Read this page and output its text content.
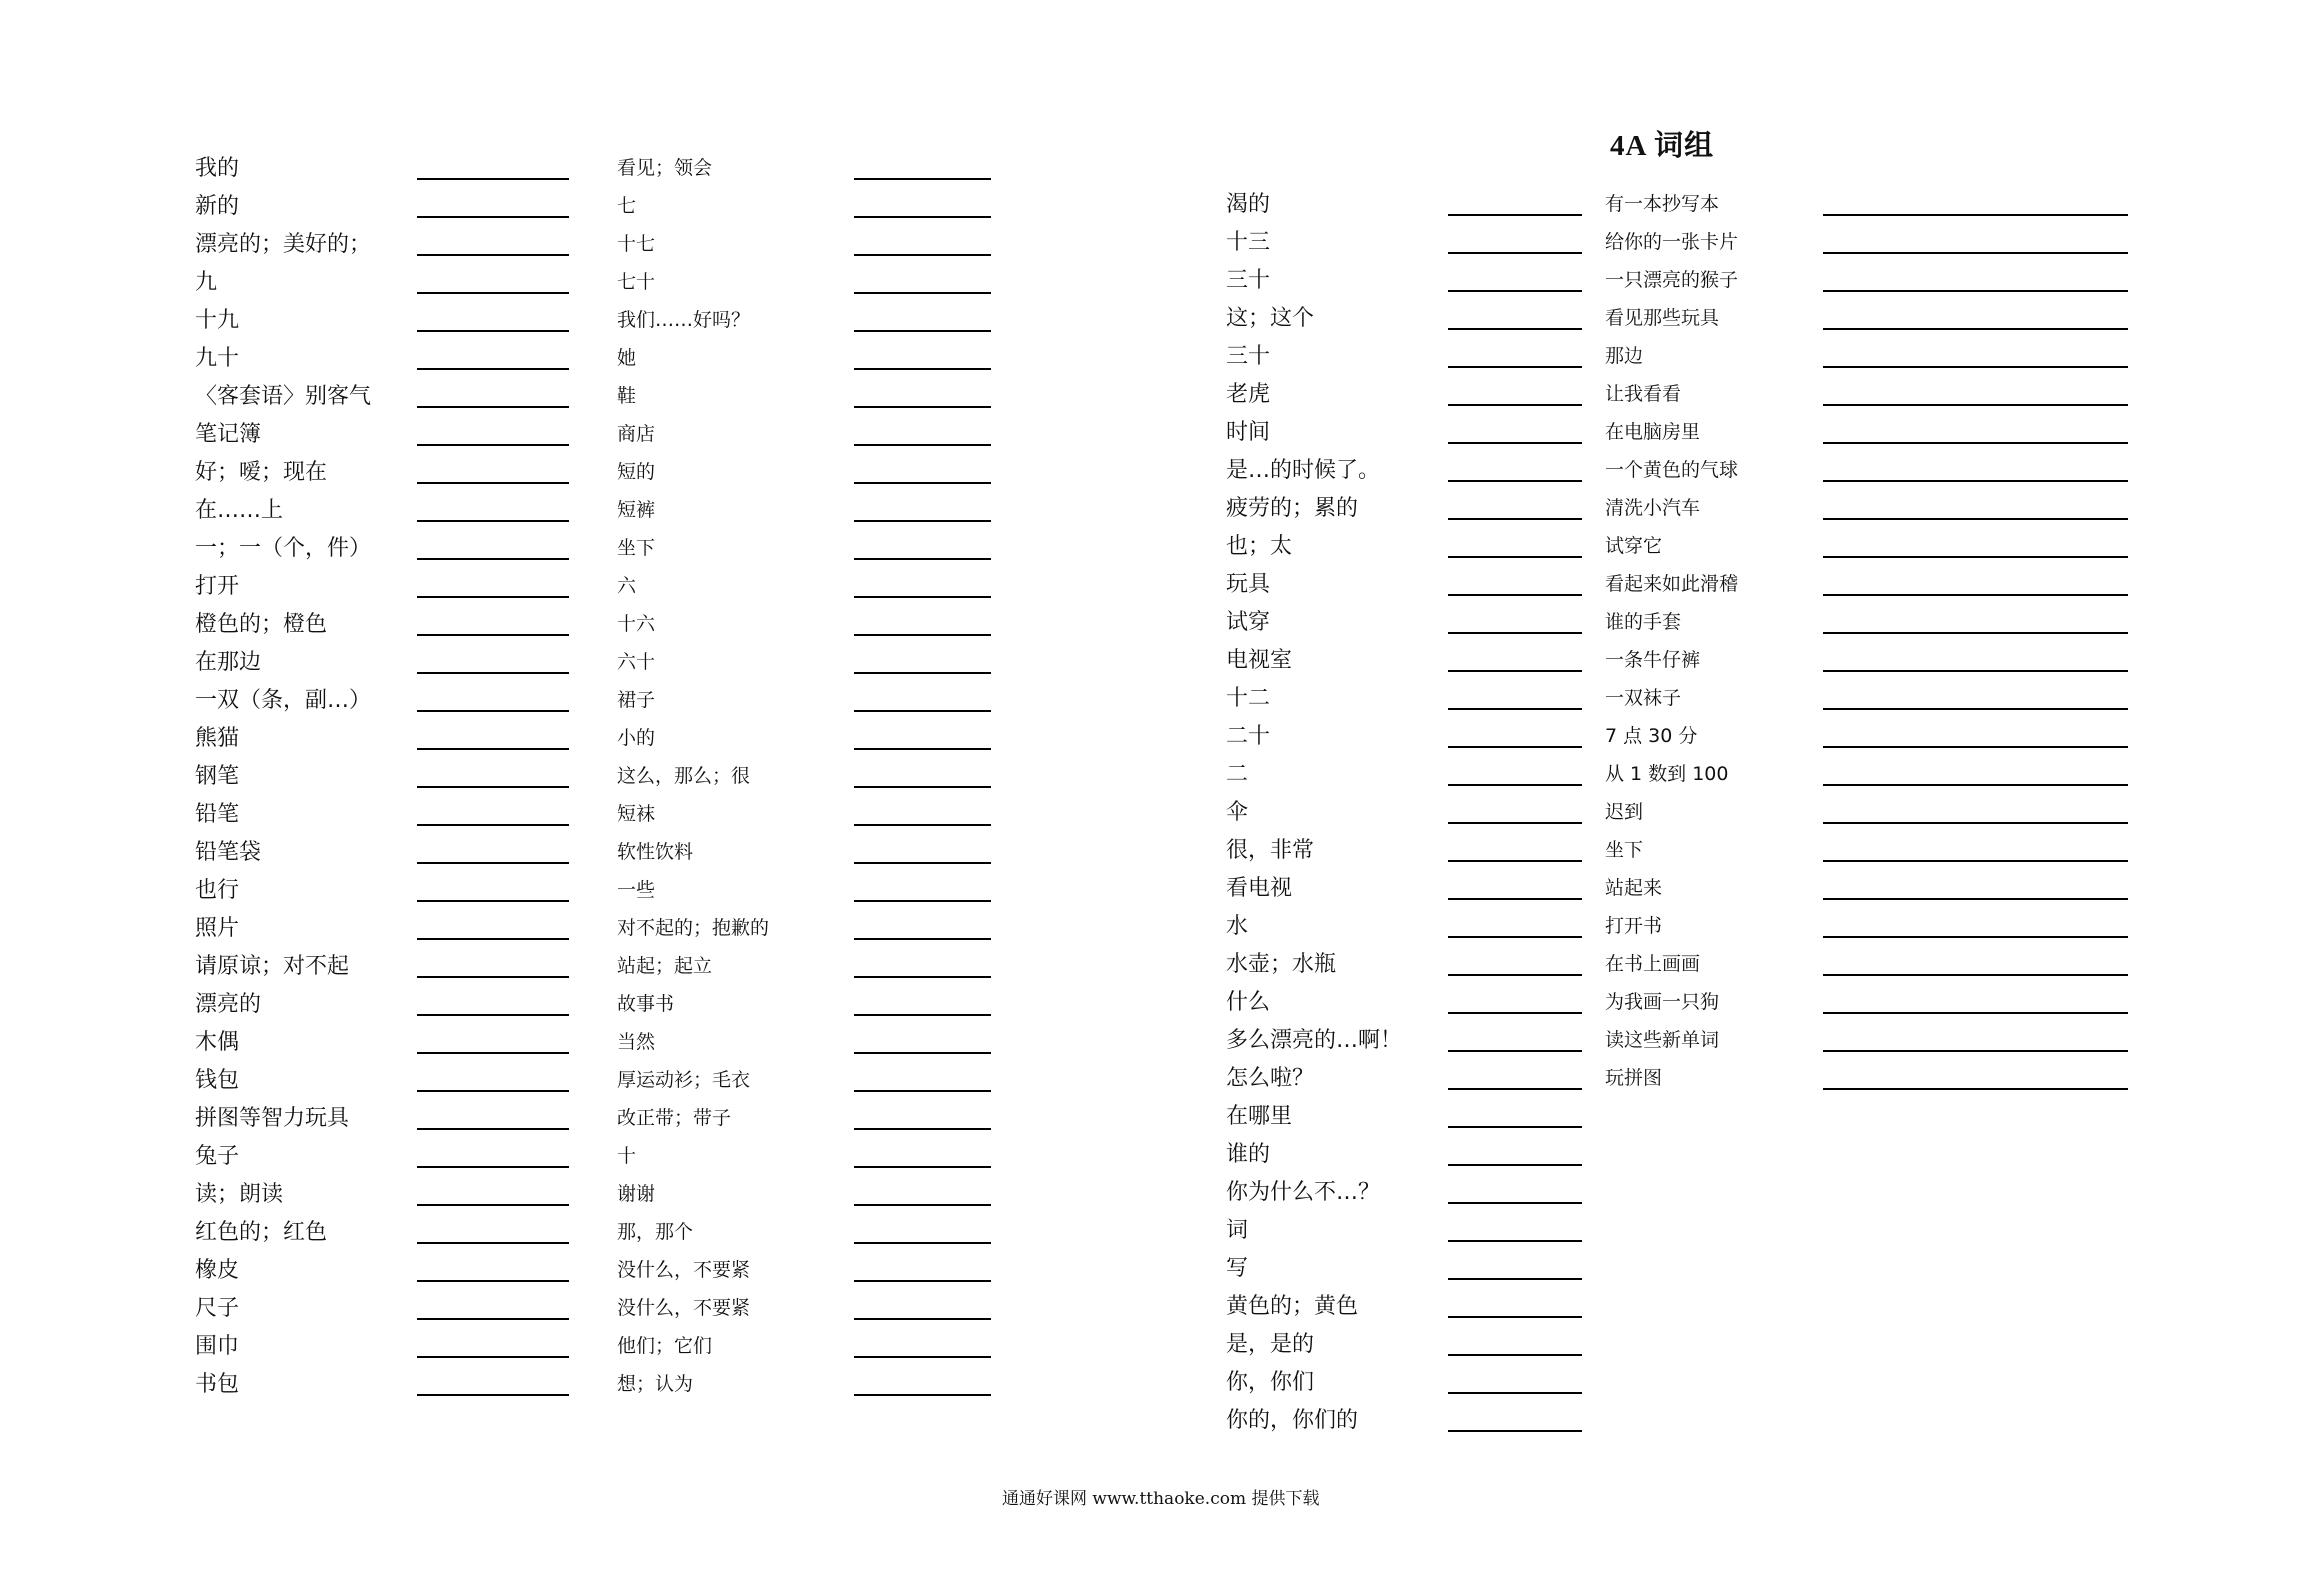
4A 词组
我的
新的
漂亮的；美好的；
九
十九
九十
〈客套语〉别客气
笔记簿
好；嗳；现在
在……上
一；一（个，件）
打开
橙色的；橙色
在那边
一双（条，副…）
熊猫
钢笔
铅笔
铅笔袋
也行
照片
请原谅；对不起
漂亮的
木偶
钱包
拼图等智力玩具
兔子
读；朗读
红色的；红色
橡皮
尺子
围巾
书包
看见；领会
七
十七
七十
我们……好吗？
她
鞋
商店
短的
短裤
坐下
六
十六
六十
裙子
小的
这么，那么；很
短袜
软性饮料
一些
对不起的；抱歉的
站起；起立
故事书
当然
厚运动衫；毛衣
改正带；带子
十
谢谢
那，那个
没什么，不要紧
没什么，不要紧
他们；它们
想；认为
渴的
十三
三十
这；这个
三十
老虎
时间
是…的时候了。
疲劳的；累的
也；太
玩具
试穿
电视室
十二
二十
二
伞
很，非常
看电视
水
水壶；水瓶
什么
多么漂亮的…啊！
怎么啦？
在哪里
谁的
你为什么不…？
词
写
黄色的；黄色
是，是的
你，你们
你的，你们的
有一本抄写本
给你的一张卡片
一只漂亮的猴子
看见那些玩具
那边
让我看看
在电脑房里
一个黄色的气球
清洗小汽车
试穿它
看起来如此滑稽
谁的手套
一条牛仔裤
一双袜子
7 点 30 分
从 1 数到 100
迟到
坐下
站起来
打开书
在书上画画
为我画一只狗
读这些新单词
玩拼图
通通好课网 www.tthaoke.com 提供下载
